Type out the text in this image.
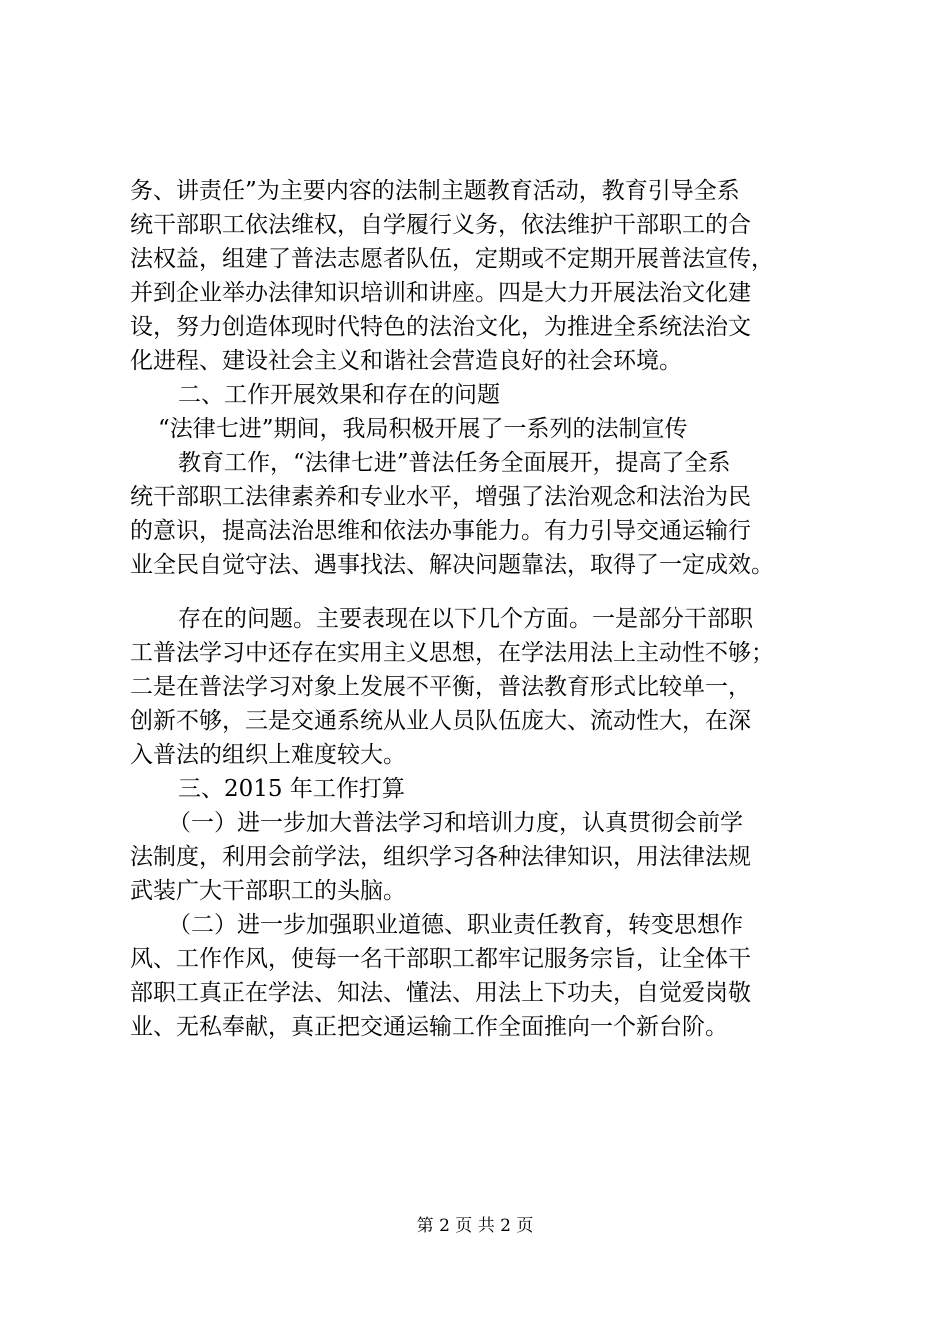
务、讲责任”为主要内容的法制主题教育活动，教育引导全系
统干部职工依法维权，自学履行义务，依法维护干部职工的合
法权益，组建了普法志愿者队伍，定期或不定期开展普法宣传，
并到企业举办法律知识培训和讲座。四是大力开展法治文化建
设，努力创造体现时代特色的法治文化，为推进全系统法治文
化进程、建设社会主义和谐社会营造良好的社会环境。
二、工作开展效果和存在的问题
“法律七进”期间，我局积极开展了一系列的法制宣传
教育工作，“法律七进”普法任务全面展开，提高了全系
统干部职工法律素养和专业水平，增强了法治观念和法治为民
的意识，提高法治思维和依法办事能力。有力引导交通运输行
业全民自觉守法、遇事找法、解决问题靠法，取得了一定成效。
存在的问题。主要表现在以下几个方面。一是部分干部职
工普法学习中还存在实用主义思想，在学法用法上主动性不够；
二是在普法学习对象上发展不平衡，普法教育形式比较单一，
创新不够，三是交通系统从业人员队伍庞大、流动性大，在深
入普法的组织上难度较大。
三、2015 年工作打算
（一）进一步加大普法学习和培训力度，认真贯彻会前学
法制度，利用会前学法，组织学习各种法律知识，用法律法规
武装广大干部职工的头脑。
（二）进一步加强职业道德、职业责任教育，转变思想作
风、工作作风，使每一名干部职工都牢记服务宗旨，让全体干
部职工真正在学法、知法、懂法、用法上下功夫，自觉爱岗敬
业、无私奉献，真正把交通运输工作全面推向一个新台阶。
第 2 页 共 2 页
